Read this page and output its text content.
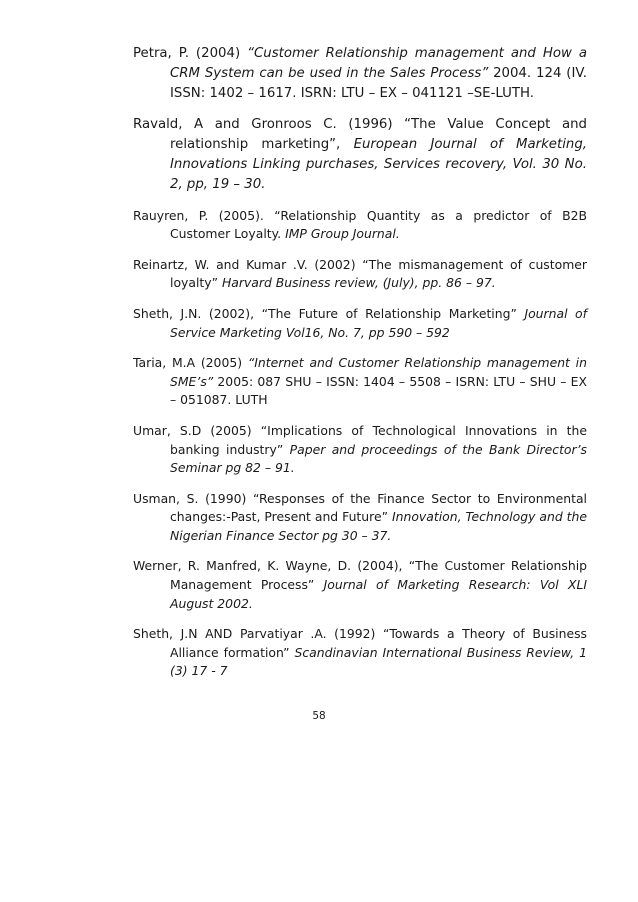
Petra, P. (2004) “Customer Relationship management and How a CRM System can be used in the Sales Process” 2004. 124 (IV. ISSN: 1402 – 1617. ISRN: LTU – EX – 041121 –SE-LUTH.

Ravald, A and Gronroos C. (1996) “The Value Concept and relationship marketing”, European Journal of Marketing, Innovations Linking purchases, Services recovery, Vol. 30 No. 2, pp, 19 – 30.

Rauyren, P. (2005). “Relationship Quantity as a predictor of B2B Customer Loyalty. IMP Group Journal.

Reinartz, W. and Kumar .V. (2002) “The mismanagement of customer loyalty” Harvard Business review, (July), pp. 86 – 97.

Sheth, J.N. (2002), “The Future of Relationship Marketing” Journal of Service Marketing Vol16, No. 7, pp 590 – 592

Taria, M.A (2005) “Internet and Customer Relationship management in SME’s” 2005: 087 SHU – ISSN: 1404 – 5508 – ISRN: LTU – SHU – EX – 051087. LUTH

Umar, S.D (2005) “Implications of Technological Innovations in the banking industry” Paper and proceedings of the Bank Director’s Seminar pg 82 – 91.

Usman, S. (1990) “Responses of the Finance Sector to Environmental changes:-Past, Present and Future” Innovation, Technology and the Nigerian Finance Sector pg 30 – 37.

Werner, R. Manfred, K. Wayne, D. (2004), “The Customer Relationship Management Process” Journal of Marketing Research: Vol XLI August 2002.

Sheth, J.N AND Parvatiyar .A. (1992) “Towards a Theory of Business Alliance formation” Scandinavian International Business Review, 1 (3) 17 - 7

58
